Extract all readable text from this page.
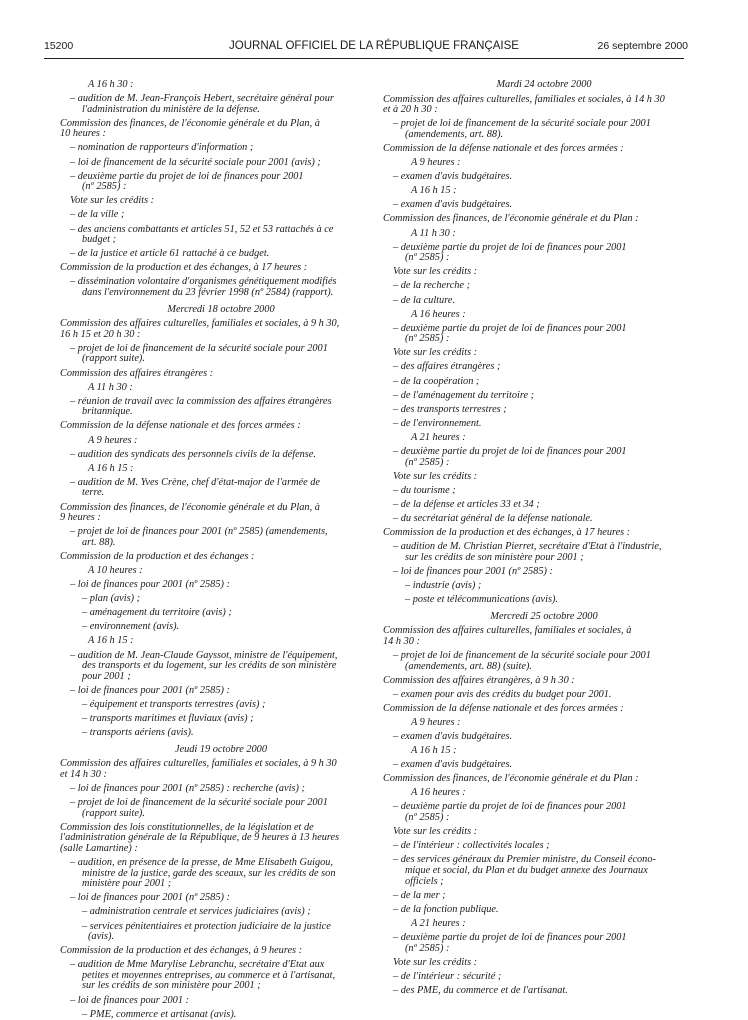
15200	JOURNAL OFFICIEL DE LA RÉPUBLIQUE FRANÇAISE	26 septembre 2000
A 16 h 30 :
– audition de M. Jean-François Hebert, secrétaire général pour
l'administration du ministère de la défense.
Commission des finances, de l'économie générale et du Plan, à
10 heures :
– nomination de rapporteurs d'information ;
– loi de financement de la sécurité sociale pour 2001 (avis) ;
– deuxième partie du projet de loi de finances pour 2001
(nº 2585) :
Vote sur les crédits :
– de la ville ;
– des anciens combattants et articles 51, 52 et 53 rattachés à ce
budget ;
– de la justice et article 61 rattaché à ce budget.
Commission de la production et des échanges, à 17 heures :
– dissémination volontaire d'organismes génétiquement modifiés
dans l'environnement du 23 février 1998 (nº 2584) (rapport).
Mercredi 18 octobre 2000
Commission des affaires culturelles, familiales et sociales, à 9 h 30,
16 h 15 et 20 h 30 :
– projet de loi de financement de la sécurité sociale pour 2001
(rapport suite).
Commission des affaires étrangères :
A 11 h 30 :
– réunion de travail avec la commission des affaires étrangères
britannique.
Commission de la défense nationale et des forces armées :
A 9 heures :
– audition des syndicats des personnels civils de la défense.
A 16 h 15 :
– audition de M. Yves Crène, chef d'état-major de l'armée de
terre.
Commission des finances, de l'économie générale et du Plan, à
9 heures :
– projet de loi de finances pour 2001 (nº 2585) (amendements,
art. 88).
Commission de la production et des échanges :
A 10 heures :
– loi de finances pour 2001 (nº 2585) :
– plan (avis) ;
– aménagement du territoire (avis) ;
– environnement (avis).
A 16 h 15 :
– audition de M. Jean-Claude Gayssot, ministre de l'équipement,
des transports et du logement, sur les crédits de son ministère
pour 2001 ;
– loi de finances pour 2001 (nº 2585) :
– équipement et transports terrestres (avis) ;
– transports maritimes et fluviaux (avis) ;
– transports aériens (avis).
Jeudi 19 octobre 2000
Commission des affaires culturelles, familiales et sociales, à 9 h 30
et 14 h 30 :
– loi de finances pour 2001 (nº 2585) : recherche (avis) ;
– projet de loi de financement de la sécurité sociale pour 2001
(rapport suite).
Commission des lois constitutionnelles, de la législation et de
l'administration générale de la République, de 9 heures à 13 heures
(salle Lamartine) :
– audition, en présence de la presse, de Mme Elisabeth Guigou,
ministre de la justice, garde des sceaux, sur les crédits de son
ministère pour 2001 ;
– loi de finances pour 2001 (nº 2585) :
– administration centrale et services judiciaires (avis) ;
– services pénitentiaires et protection judiciaire de la justice
(avis).
Commission de la production et des échanges, à 9 heures :
– audition de Mme Marylise Lebranchu, secrétaire d'Etat aux
petites et moyennes entreprises, au commerce et à l'artisanat,
sur les crédits de son ministère pour 2001 ;
– loi de finances pour 2001 :
– PME, commerce et artisanat (avis).
Mardi 24 octobre 2000
Commission des affaires culturelles, familiales et sociales, à 14 h 30
et à 20 h 30 :
– projet de loi de financement de la sécurité sociale pour 2001
(amendements, art. 88).
Commission de la défense nationale et des forces armées :
A 9 heures :
– examen d'avis budgétaires.
A 16 h 15 :
– examen d'avis budgétaires.
Commission des finances, de l'économie générale et du Plan :
A 11 h 30 :
– deuxième partie du projet de loi de finances pour 2001
(nº 2585) :
Vote sur les crédits :
– de la recherche ;
– de la culture.
A 16 heures :
– deuxième partie du projet de loi de finances pour 2001
(nº 2585) :
Vote sur les crédits :
– des affaires étrangères ;
– de la coopération ;
– de l'aménagement du territoire ;
– des transports terrestres ;
– de l'environnement.
A 21 heures :
– deuxième partie du projet de loi de finances pour 2001
(nº 2585) :
Vote sur les crédits :
– du tourisme ;
– de la défense et articles 33 et 34 ;
– du secrétariat général de la défense nationale.
Commission de la production et des échanges, à 17 heures :
– audition de M. Christian Pierret, secrétaire d'Etat à l'industrie,
sur les crédits de son ministère pour 2001 ;
– loi de finances pour 2001 (nº 2585) :
– industrie (avis) ;
– poste et télécommunications (avis).
Mercredi 25 octobre 2000
Commission des affaires culturelles, familiales et sociales, à
14 h 30 :
– projet de loi de financement de la sécurité sociale pour 2001
(amendements, art. 88) (suite).
Commission des affaires étrangères, à 9 h 30 :
– examen pour avis des crédits du budget pour 2001.
Commission de la défense nationale et des forces armées :
A 9 heures :
– examen d'avis budgétaires.
A 16 h 15 :
– examen d'avis budgétaires.
Commission des finances, de l'économie générale et du Plan :
A 16 heures :
– deuxième partie du projet de loi de finances pour 2001
(nº 2585) :
Vote sur les crédits :
– de l'intérieur : collectivités locales ;
– des services généraux du Premier ministre, du Conseil écono-
mique et social, du Plan et du budget annexe des Journaux
officiels ;
– de la mer ;
– de la fonction publique.
A 21 heures :
– deuxième partie du projet de loi de finances pour 2001
(nº 2585) :
Vote sur les crédits :
– de l'intérieur : sécurité ;
– des PME, du commerce et de l'artisanat.
